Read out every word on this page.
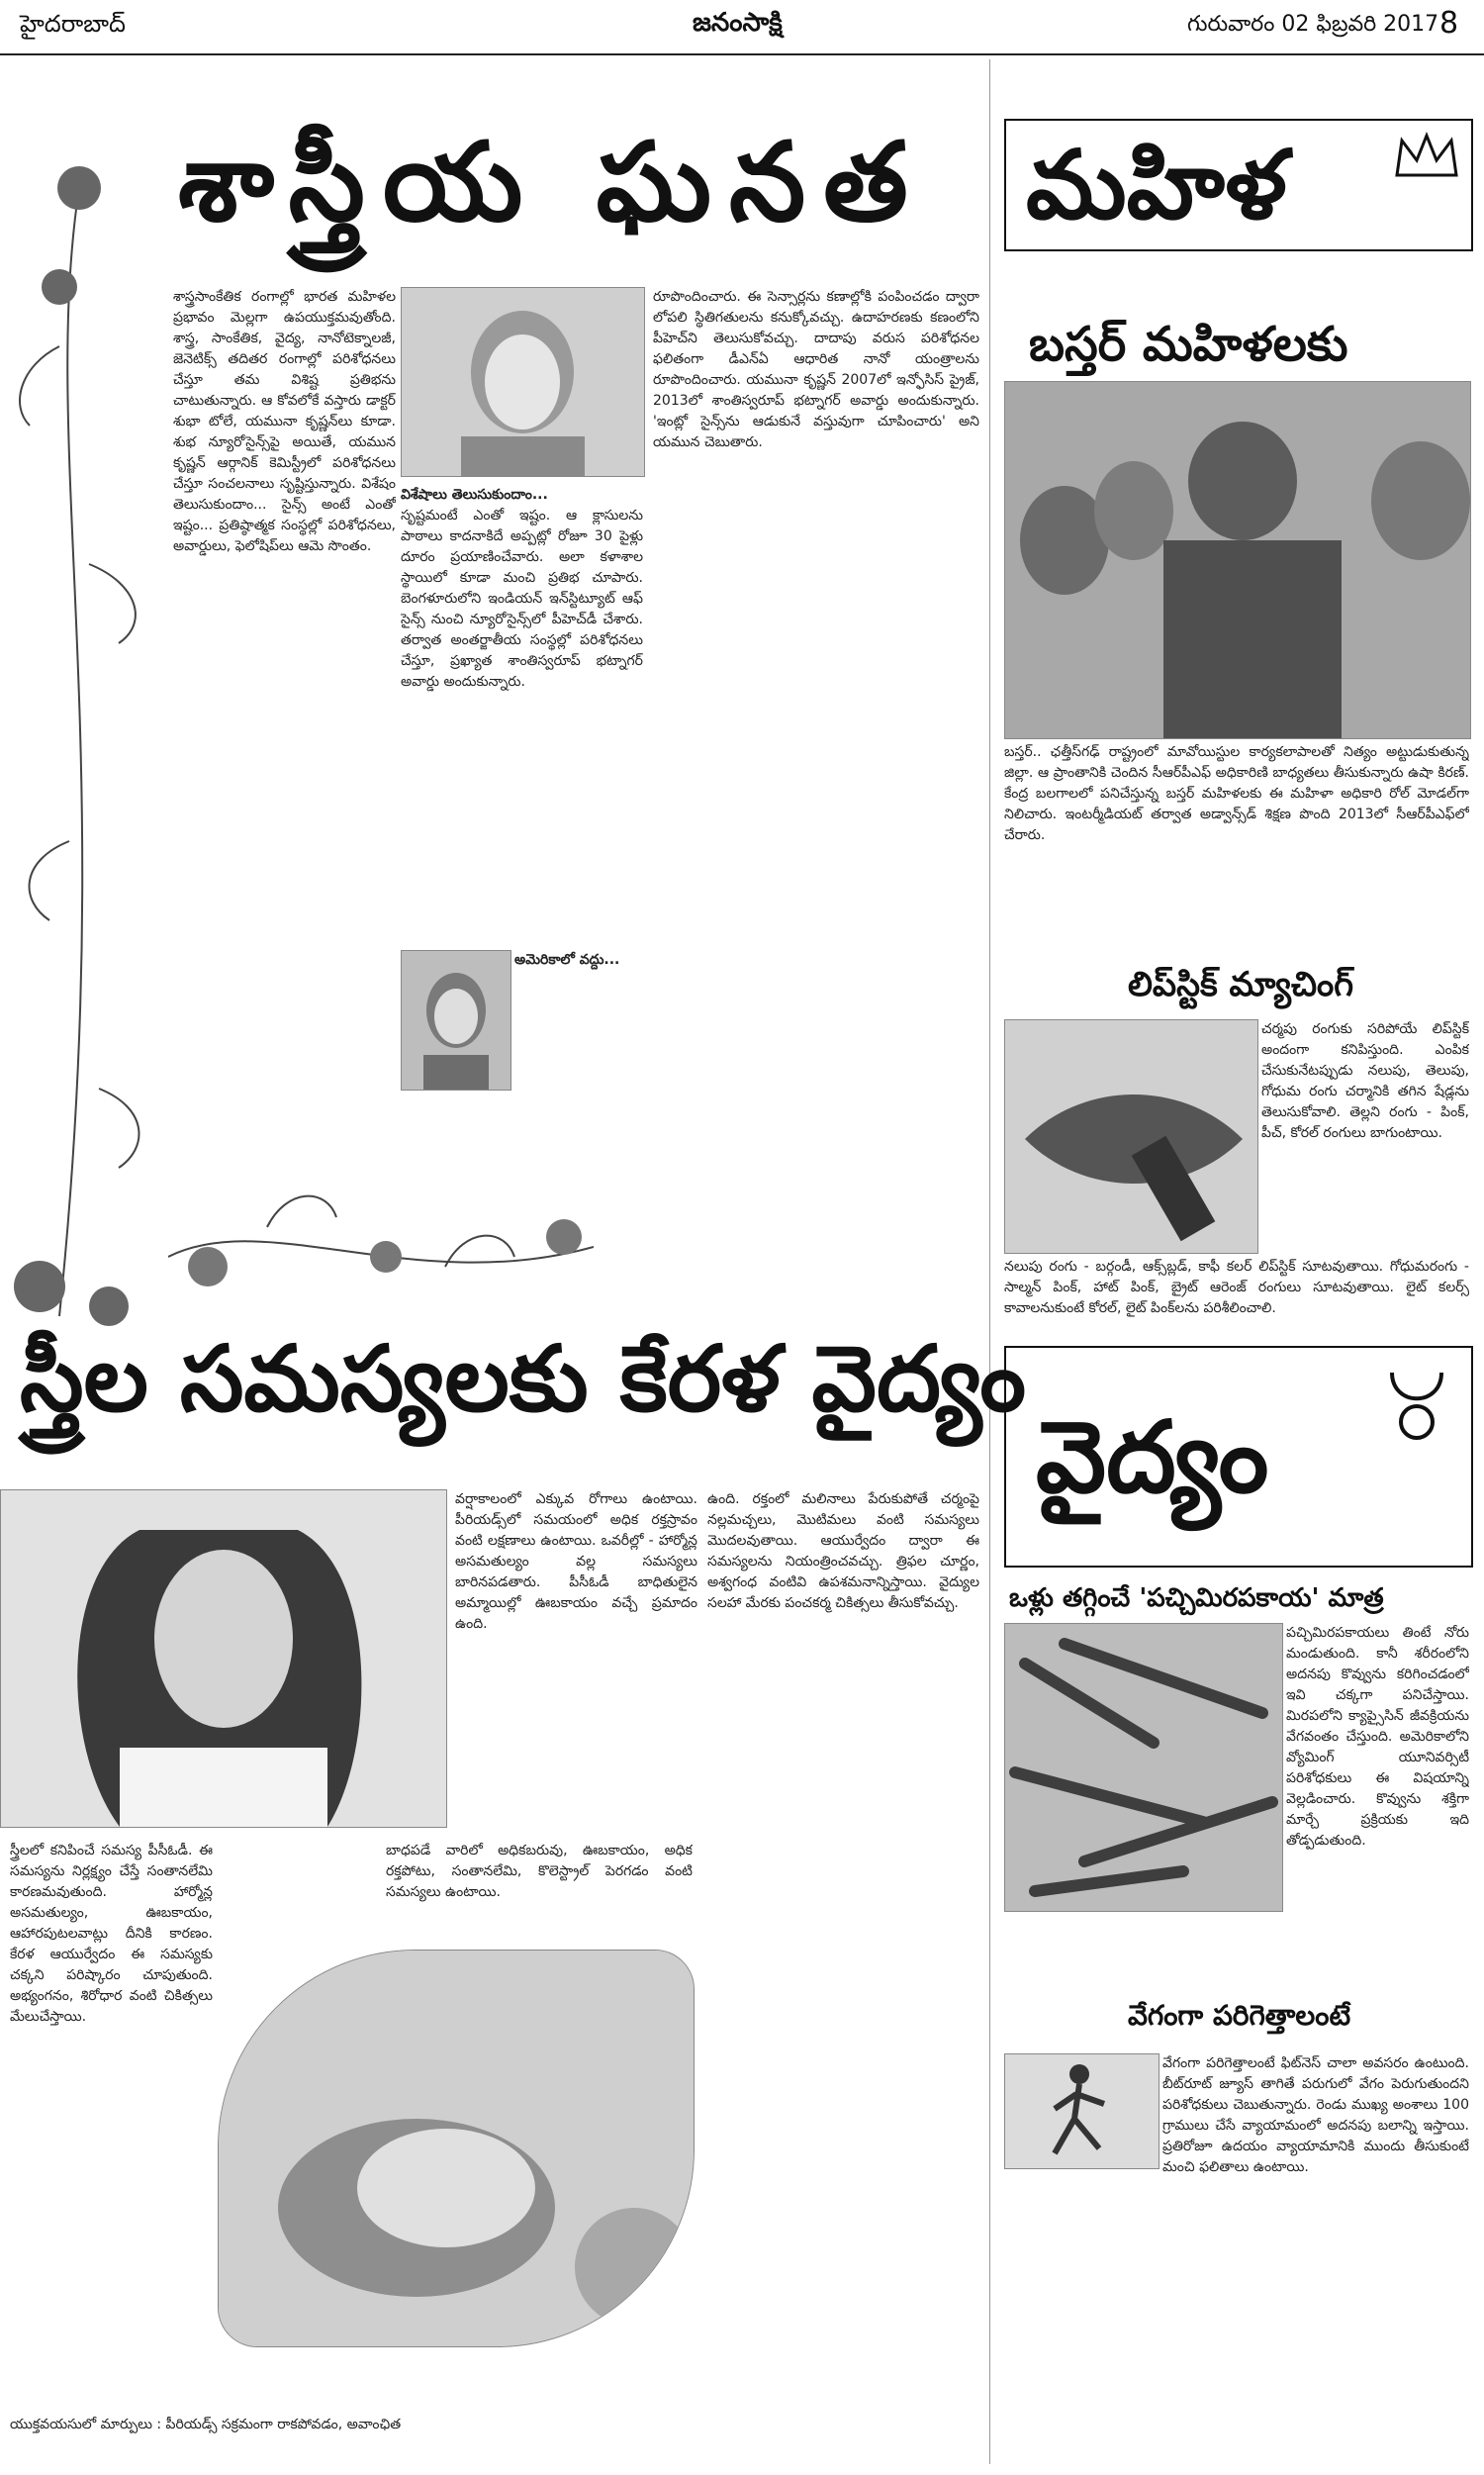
హైదరాబాద్	జనంసాక్షి	గురువారం 02 ఫిబ్రవరి 2017 8
శాస్త్రీయ ఘనత
శాస్త్రసాంకేతిక రంగాల్లో భారత మహిళల ప్రభావం మెల్లగా ఉపయుక్తమవుతోంది. శాస్త్ర, సాంకేతిక, వైద్య, నానోటెక్నాలజీ, జెనెటిక్స్ తదితర రంగాల్లో పరిశోధనలు చేస్తూ తమ విశిష్ట ప్రతిభను చాటుతున్నారు. ఆ కోవలోకే వస్తారు డాక్టర్ శుభా టోలే, యమునా కృష్ణన్‌లు కూడా. శుభ న్యూరోసైన్స్‌పై అయితే, యమున కృష్ణన్ ఆర్గానిక్ కెమిస్ట్రీలో పరిశోధనలు చేస్తూ సంచలనాలు సృష్టిస్తున్నారు. విశేషం తెలుసుకుందాం... సైన్స్ అంటే ఎంతో ఇష్టం... ప్రతిష్ఠాత్మక సంస్థల్లో పరిశోధనలు, అవార్డులు, ఫెలోషిప్‌లు ఆమె సొంతం.
విశేషాలు తెలుసుకుందాం...
సృష్టమంటే ఎంతో ఇష్టం. ఆ క్లాసులను పాఠాలు కాదనాకిదే అప్పట్లో రోజూ 30 పైళ్లు దూరం ప్రయాణించేవారు. అలా కళాశాల స్థాయిలో కూడా మంచి ప్రతిభ చూపారు. బెంగళూరులోని ఇండియన్ ఇన్‌స్టిట్యూట్ ఆఫ్ సైన్స్ నుంచి న్యూరోసైన్స్‌లో పీహెచ్‌డీ చేశారు. తర్వాత అంతర్జాతీయ సంస్థల్లో పరిశోధనలు చేస్తూ, ప్రఖ్యాత శాంతిస్వరూప్ భట్నాగర్ అవార్డు అందుకున్నారు.
అమెరికాలో వద్దు...
రూపొందించారు. ఈ సెన్సార్లను కణాల్లోకి పంపించడం ద్వారా లోపలి స్థితిగతులను కనుక్కోవచ్చు. ఉదాహరణకు కణంలోని పీహెచ్‌ని తెలుసుకోవచ్చు. దాదాపు వరుస పరిశోధనల ఫలితంగా డీఎన్ఏ ఆధారిత నానో యంత్రాలను రూపొందించారు. యమునా కృష్ణన్ 2007లో ఇన్ఫోసిస్ ప్రైజ్, 2013లో శాంతిస్వరూప్ భట్నాగర్ అవార్డు అందుకున్నారు. 'ఇంట్లో సైన్స్‌ను ఆడుకునే వస్తువుగా చూపించారు' అని యమున చెబుతారు.
స్త్రీల సమస్యలకు కేరళ వైద్యం
వర్షాకాలంలో ఎక్కువ రోగాలు ఉంటాయి. పీరియడ్స్‌లో సమయంలో అధిక రక్తస్రావం వంటి లక్షణాలు ఉంటాయి. ఒవరీల్లో - హార్మోన్ల అసమతుల్యం వల్ల సమస్యలు బారినపడతారు. పీసీఓడీ బాధితులైన అమ్మాయిల్లో ఊబకాయం వచ్చే ప్రమాదం ఉంది.
ఉంది. రక్తంలో మలినాలు పేరుకుపోతే చర్మంపై నల్లమచ్చలు, మొటిమలు వంటి సమస్యలు మొదలవుతాయి. ఆయుర్వేదం ద్వారా ఈ సమస్యలను నియంత్రించవచ్చు. త్రిఫల చూర్ణం, అశ్వగంధ వంటివి ఉపశమనాన్నిస్తాయి. వైద్యుల సలహా మేరకు పంచకర్మ చికిత్సలు తీసుకోవచ్చు.
స్త్రీలలో కనిపించే సమస్య పీసీఓడీ. ఈ సమస్యను నిర్లక్ష్యం చేస్తే సంతానలేమి కారణమవుతుంది. హార్మోన్ల అసమతుల్యం, ఊబకాయం, ఆహారపుటలవాట్లు దీనికి కారణం. కేరళ ఆయుర్వేదం ఈ సమస్యకు చక్కని పరిష్కారం చూపుతుంది. అభ్యంగనం, శిరోధార వంటి చికిత్సలు మేలుచేస్తాయి.
బాధపడే వారిలో అధికబరువు, ఊబకాయం, అధిక రక్తపోటు, సంతానలేమి, కొలెస్ట్రాల్ పెరగడం వంటి సమస్యలు ఉంటాయి.
యుక్తవయసులో మార్పులు : పీరియడ్స్ సక్రమంగా రాకపోవడం, అవాంఛిత
మహిళ
బస్తర్ మహిళలకు
బస్తర్.. ఛత్తీస్‌గఢ్ రాష్ట్రంలో మావోయిస్టుల కార్యకలాపాలతో నిత్యం అట్టుడుకుతున్న జిల్లా. ఆ ప్రాంతానికి చెందిన సీఆర్‌పీఎఫ్ అధికారిణి బాధ్యతలు తీసుకున్నారు ఉషా కిరణ్. కేంద్ర బలగాలలో పనిచేస్తున్న బస్తర్ మహిళలకు ఈ మహిళా అధికారి రోల్ మోడల్‌గా నిలిచారు. ఇంటర్మీడియట్ తర్వాత అడ్వాన్స్‌డ్ శిక్షణ పొంది 2013లో సీఆర్‌పీఎఫ్‌లో చేరారు.
లిప్‌స్టిక్ మ్యాచింగ్
చర్మపు రంగుకు సరిపోయే లిప్‌స్టిక్ అందంగా కనిపిస్తుంది. ఎంపిక చేసుకునేటప్పుడు నలుపు, తెలుపు, గోధుమ రంగు చర్మానికి తగిన షేడ్లను తెలుసుకోవాలి. తెల్లని రంగు - పింక్, పీచ్, కోరల్ రంగులు బాగుంటాయి.
నలుపు రంగు - బర్గండీ, ఆక్స్‌బ్లడ్, కాఫీ కలర్ లిప్‌స్టిక్ సూటవుతాయి. గోధుమరంగు - సాల్మన్ పింక్, హాట్ పింక్, బ్రైట్ ఆరెంజ్ రంగులు సూటవుతాయి. లైట్ కలర్స్ కావాలనుకుంటే కోరల్, లైట్ పింక్‌లను పరిశీలించాలి.
వైద్యం
ఒళ్లు తగ్గించే 'పచ్చిమిరపకాయ' మాత్ర
పచ్చిమిరపకాయలు తింటే నోరు మండుతుంది. కానీ శరీరంలోని అదనపు కొవ్వును కరిగించడంలో ఇవి చక్కగా పనిచేస్తాయి. మిరపలోని క్యాప్సైసిన్ జీవక్రియను వేగవంతం చేస్తుంది. అమెరికాలోని వ్యోమింగ్ యూనివర్సిటీ పరిశోధకులు ఈ విషయాన్ని వెల్లడించారు. కొవ్వును శక్తిగా మార్చే ప్రక్రియకు ఇది తోడ్పడుతుంది.
వేగంగా పరిగెత్తాలంటే
వేగంగా పరిగెత్తాలంటే ఫిట్‌నెస్ చాలా అవసరం ఉంటుంది. బీట్‌రూట్ జ్యూస్ తాగితే పరుగులో వేగం పెరుగుతుందని పరిశోధకులు చెబుతున్నారు. రెండు ముఖ్య అంశాలు 100 గ్రాములు చేసే వ్యాయామంలో అదనపు బలాన్ని ఇస్తాయి. ప్రతిరోజూ ఉదయం వ్యాయామానికి ముందు తీసుకుంటే మంచి ఫలితాలు ఉంటాయి.
